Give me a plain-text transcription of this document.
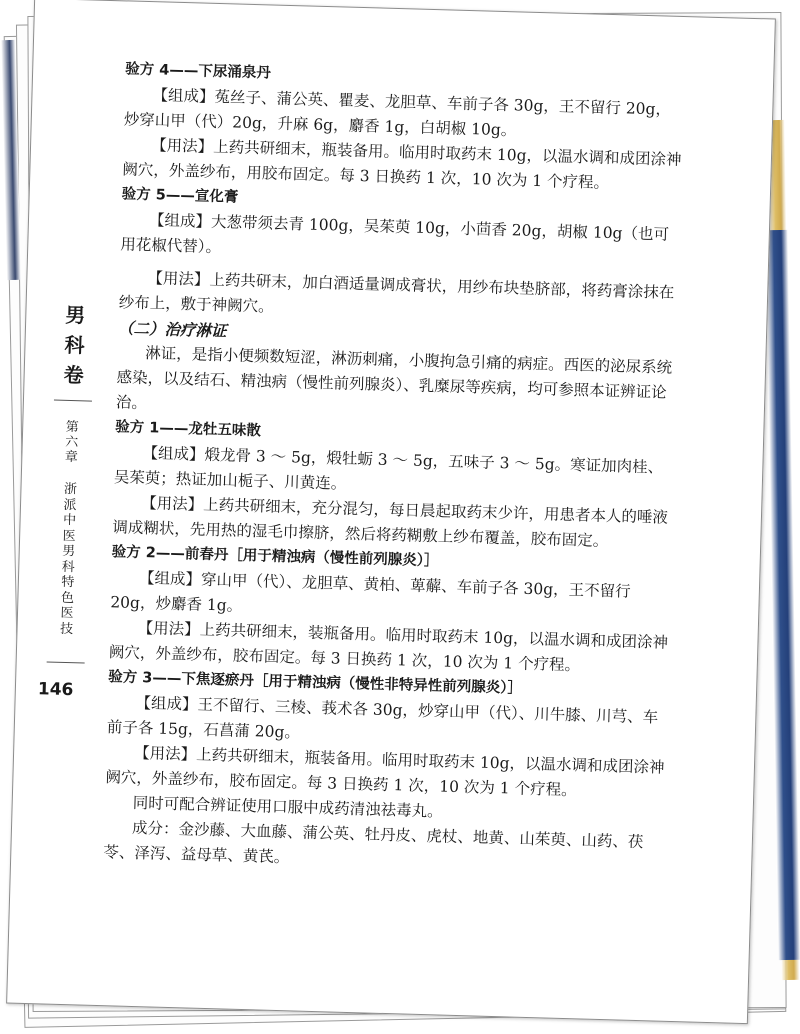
男科卷
第六章
浙派中医男科特色医技
146

验方 4——下尿涌泉丹

【组成】菟丝子、蒲公英、瞿麦、龙胆草、车前子各 30g，王不留行 20g，炒穿山甲（代）20g，升麻 6g，麝香 1g，白胡椒 10g。

【用法】上药共研细末，瓶装备用。临用时取药末 10g，以温水调和成团涂神阙穴，外盖纱布，用胶布固定。每 3 日换药 1 次，10 次为 1 个疗程。

验方 5——宣化膏

【组成】大葱带须去青 100g，吴茱萸 10g，小茴香 20g，胡椒 10g（也可用花椒代替）。

【用法】上药共研末，加白酒适量调成膏状，用纱布块垫脐部，将药膏涂抹在纱布上，敷于神阙穴。

（二）治疗淋证

淋证，是指小便频数短涩，淋沥刺痛，小腹拘急引痛的病症。西医的泌尿系统感染，以及结石、精浊病（慢性前列腺炎）、乳糜尿等疾病，均可参照本证辨证论治。

验方 1——龙牡五味散

【组成】煅龙骨 3 ～ 5g，煅牡蛎 3 ～ 5g，五味子 3 ～ 5g。寒证加肉桂、吴茱萸；热证加山栀子、川黄连。

【用法】上药共研细末，充分混匀，每日晨起取药末少许，用患者本人的唾液调成糊状，先用热的湿毛巾擦脐，然后将药糊敷上纱布覆盖，胶布固定。

验方 2——前春丹［用于精浊病（慢性前列腺炎）］

【组成】穿山甲（代）、龙胆草、黄柏、萆薢、车前子各 30g，王不留行 20g，炒麝香 1g。

【用法】上药共研细末，装瓶备用。临用时取药末 10g，以温水调和成团涂神阙穴，外盖纱布，胶布固定。每 3 日换药 1 次，10 次为 1 个疗程。

验方 3——下焦逐瘀丹［用于精浊病（慢性非特异性前列腺炎）］

【组成】王不留行、三棱、莪术各 30g，炒穿山甲（代）、川牛膝、川芎、车前子各 15g，石菖蒲 20g。

【用法】上药共研细末，瓶装备用。临用时取药末 10g，以温水调和成团涂神阙穴，外盖纱布，胶布固定。每 3 日换药 1 次，10 次为 1 个疗程。

同时可配合辨证使用口服中成药清浊祛毒丸。

成分：金沙藤、大血藤、蒲公英、牡丹皮、虎杖、地黄、山茱萸、山药、茯苓、泽泻、益母草、黄芪。
